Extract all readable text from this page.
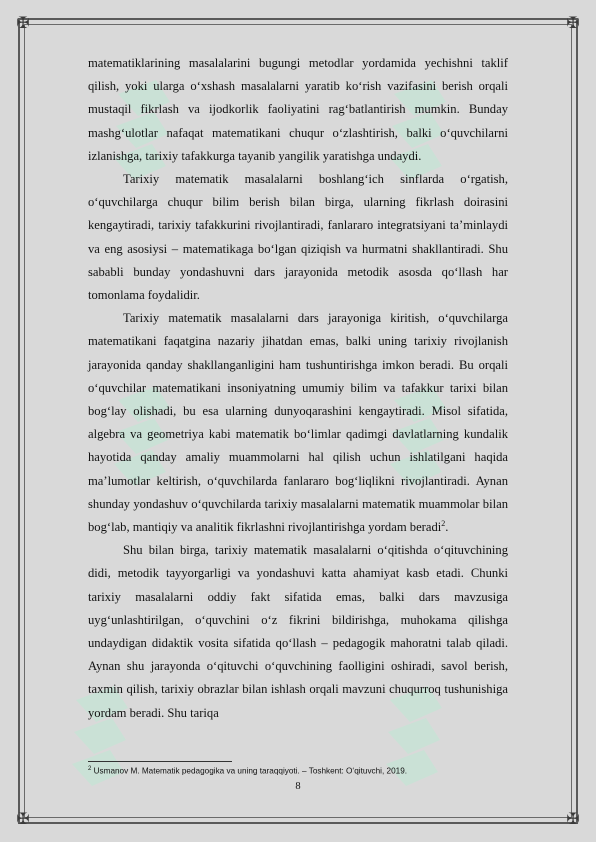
✠	✠
✠	✠

matematiklarining masalalarini bugungi metodlar yordamida yechishni taklif qilish, yoki ularga o‘xshash masalalarni yaratib ko‘rish vazifasini berish orqali mustaqil fikrlash va ijodkorlik faoliyatini rag‘batlantirish mumkin. Bunday mashg‘ulotlar nafaqat matematikani chuqur o‘zlashtirish, balki o‘quvchilarni izlanishga, tarixiy tafakkurga tayanib yangilik yaratishga undaydi.

Tarixiy matematik masalalarni boshlang‘ich sinflarda o‘rgatish, o‘quvchilarga chuqur bilim berish bilan birga, ularning fikrlash doirasini kengaytiradi, tarixiy tafakkurini rivojlantiradi, fanlararo integratsiyani ta’minlaydi va eng asosiysi – matematikaga bo‘lgan qiziqish va hurmatni shakllantiradi. Shu sababli bunday yondashuvni dars jarayonida metodik asosda qo‘llash har tomonlama foydalidir.

Tarixiy matematik masalalarni dars jarayoniga kiritish, o‘quvchilarga matematikani faqatgina nazariy jihatdan emas, balki uning tarixiy rivojlanish jarayonida qanday shakllanganligini ham tushuntirishga imkon beradi. Bu orqali o‘quvchilar matematikani insoniyatning umumiy bilim va tafakkur tarixi bilan bog‘lay olishadi, bu esa ularning dunyoqarashini kengaytiradi. Misol sifatida, algebra va geometriya kabi matematik bo‘limlar qadimgi davlatlarning kundalik hayotida qanday amaliy muammolarni hal qilish uchun ishlatilgani haqida ma’lumotlar keltirish, o‘quvchilarda fanlararo bog‘liqlikni rivojlantiradi. Aynan shunday yondashuv o‘quvchilarda tarixiy masalalarni matematik muammolar bilan bog‘lab, mantiqiy va analitik fikrlashni rivojlantirishga yordam beradi$^2$.

Shu bilan birga, tarixiy matematik masalalarni o‘qitishda o‘qituvchining didi, metodik tayyorgarligi va yondashuvi katta ahamiyat kasb etadi. Chunki tarixiy masalalarni oddiy fakt sifatida emas, balki dars mavzusiga uyg‘unlashtirilgan, o‘quvchini o‘z fikrini bildirishga, muhokama qilishga undaydigan didaktik vosita sifatida qo‘llash – pedagogik mahoratni talab qiladi. Aynan shu jarayonda o‘qituvchi o‘quvchining faolligini oshiradi, savol berish, taxmin qilish, tarixiy obrazlar bilan ishlash orqali mavzuni chuqurroq tushunishiga yordam beradi. Shu tariqa

$^2$ Usmanov M. Matematik pedagogika va uning taraqqiyoti. – Toshkent: O‘qituvchi, 2019.
8
